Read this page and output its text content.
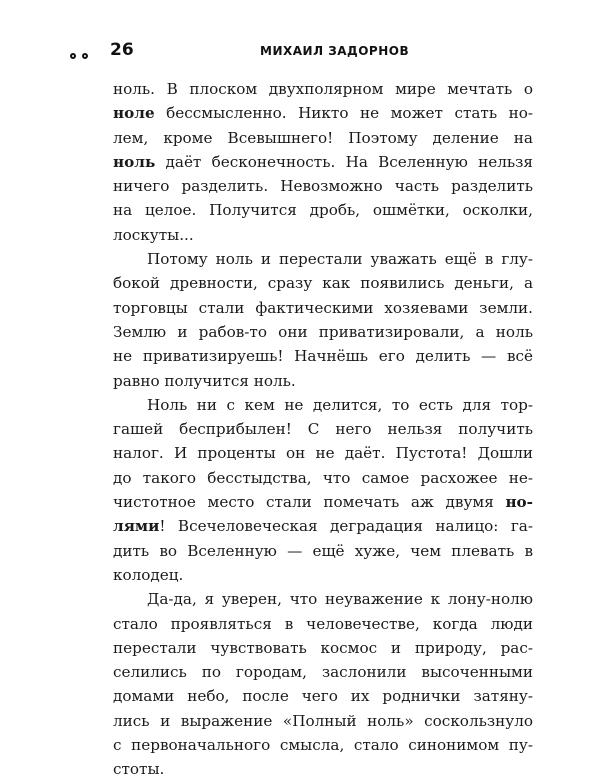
26	МИХАИЛ ЗАДОРНОВ
ноль. В плоском двухполярном мире мечтать о
ноле бессмысленно. Никто не может стать но-
лем, кроме Всевышнего! Поэтому деление на
ноль даёт бесконечность. На Вселенную нельзя
ничего разделить. Невозможно часть разделить
на целое. Получится дробь, ошмётки, осколки,
лоскуты...
Потому ноль и перестали уважать ещё в глу-
бокой древности, сразу как появились деньги, а
торговцы стали фактическими хозяевами земли.
Землю и рабов-то они приватизировали, а ноль
не приватизируешь! Начнёшь его делить — всё
равно получится ноль.
Ноль ни с кем не делится, то есть для тор-
гашей бесприбылен! С него нельзя получить
налог. И проценты он не даёт. Пустота! Дошли
до такого бесстыдства, что самое расхожее не-
чистотное место стали помечать аж двумя но-
лями! Всечеловеческая деградация налицо: га-
дить во Вселенную — ещё хуже, чем плевать в
колодец.
Да-да, я уверен, что неуважение к лону-нолю
стало проявляться в человечестве, когда люди
перестали чувствовать космос и природу, рас-
селились по городам, заслонили высоченными
домами небо, после чего их роднички затяну-
лись и выражение «Полный ноль» соскользнуло
с первоначального смысла, стало синонимом пу-
стоты.
